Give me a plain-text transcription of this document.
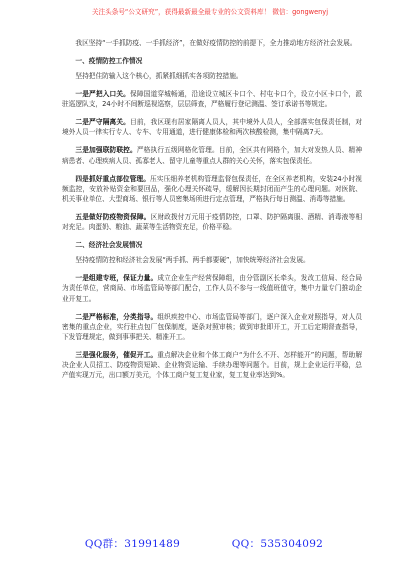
关注头条号“公文研究”，获得最新最全最专业的公文资料库！ 微信：gongwenyj

我区坚持“一手抓防疫、一手抓经济”，在做好疫情防控的前提下，全力推动地方经济社会发展。

一、疫情防控工作情况

坚持把住防输入这个核心，抓紧抓细抓实各项防控措施。

一是严把入口关。保障国道穿城畅通，沿途设立城区卡口个、村屯卡口个，设立小区卡口个，派驻巡逻队支，24小时不间断巡视巡察，层层筛查，严格履行登记测温、签订承诺书等规定。

二是严守隔离关。目前，我区现有居家隔离人员人，其中境外人员人，全部落实包保责任制，对境外人员一律实行专人、专车、专用通道，进行健康体检和两次核酸检测，集中隔离7天。

三是加强联防联控。严格执行五级网格化管理。目前，全区共有网格个，加大对发热人员、精神病患者、心理疾病人员、孤寡老人、留守儿童等重点人群的关心关怀，落实包保责任。

四是抓好重点部位管理。压实压细养老机构管理监督包保责任，在全区养老机构，安装24小时视频监控，安放补贴资金和要回品，强化心理关怀疏导，缓解因长期封闭而产生的心理问题。对医院、机关事业单位、大型商场、银行等人员密集场所进行定点管理，严格执行每日测温、消毒等措施。

五是做好防疫物资保障。区财政拨付万元用于疫情防控，口罩、防护隔离服、酒精、消毒液等相对充足。肉蛋奶、粮油、蔬菜等生活物资充足，价格平稳。

二、经济社会发展情况

坚持疫情防控和经济社会发展“两手抓、两手都要硬”，加快统筹经济社会发展。

一是组建专班，保证力量。成立企业生产经营保障组，由分管副区长牵头，发改工信局、经合局为责任单位，营商局、市场监管局等部门配合，工作人员不参与一线值班值守，集中力量专门推动企业开复工。

二是严格标准，分类指导。组织疾控中心、市场监管局等部门，逐户深入企业对照指导，对人员密集的重点企业，实行驻点包厂包保制度，逐条对照审核；做到审批即开工，开工后定期督查指导，下发管理规定，做到事事把关、精准开工。

三是强化服务，催促开工。重点解决企业和个体工商户“为什么不开、怎样能开”的问题，帮助解决企业人员招工、防疫物资短缺、企业物资运输、手续办理等问题个。目前，规上企业运行平稳，总产值实现万元，出口额万美元，个体工商户复工复业家，复工复业率达到%。

QQ群：31991489	QQ：535304092
